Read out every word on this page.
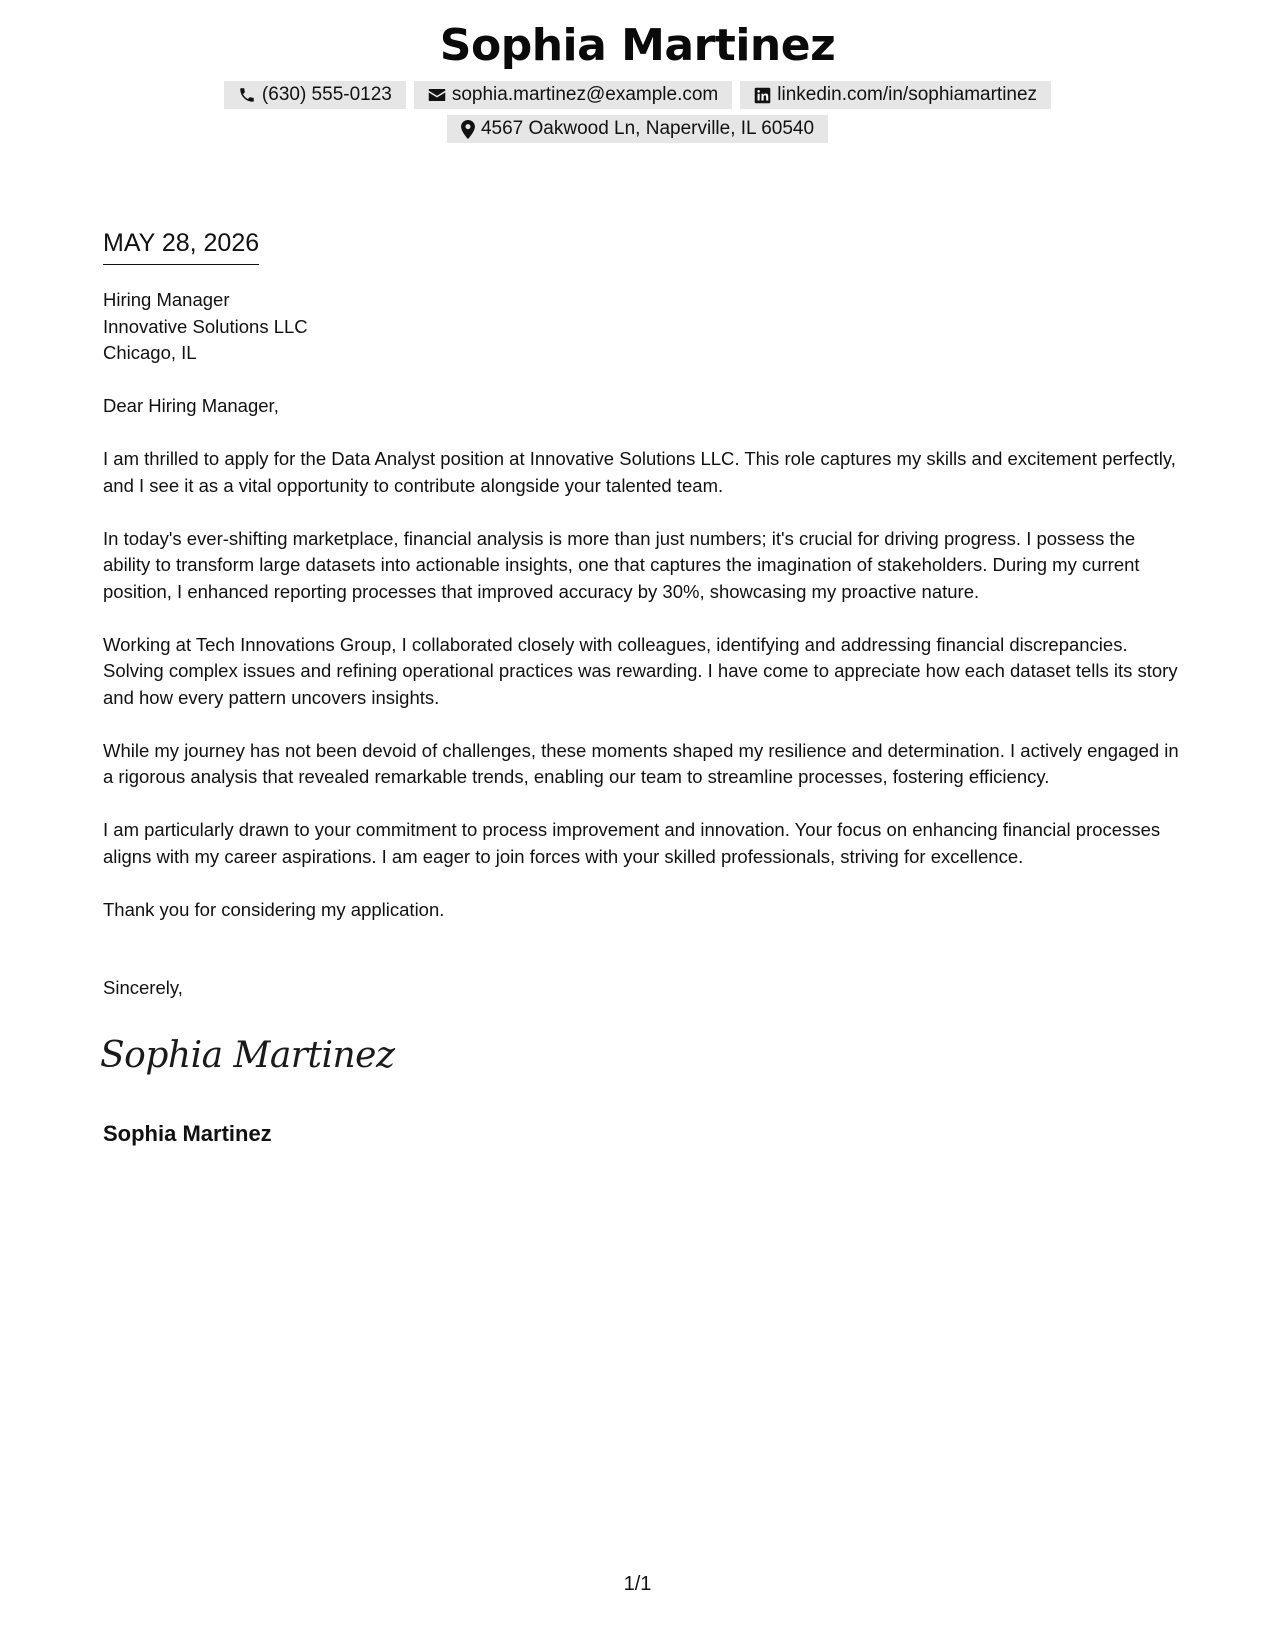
Sophia Martinez
(630) 555-0123	sophia.martinez@example.com	linkedin.com/in/sophiamartinez
4567 Oakwood Ln, Naperville, IL 60540
MAY 28, 2026
Hiring Manager
Innovative Solutions LLC
Chicago, IL

Dear Hiring Manager,

I am thrilled to apply for the Data Analyst position at Innovative Solutions LLC. This role captures my skills and excitement perfectly, and I see it as a vital opportunity to contribute alongside your talented team.

In today's ever-shifting marketplace, financial analysis is more than just numbers; it's crucial for driving progress. I possess the ability to transform large datasets into actionable insights, one that captures the imagination of stakeholders. During my current position, I enhanced reporting processes that improved accuracy by 30%, showcasing my proactive nature.

Working at Tech Innovations Group, I collaborated closely with colleagues, identifying and addressing financial discrepancies. Solving complex issues and refining operational practices was rewarding. I have come to appreciate how each dataset tells its story and how every pattern uncovers insights.

While my journey has not been devoid of challenges, these moments shaped my resilience and determination. I actively engaged in a rigorous analysis that revealed remarkable trends, enabling our team to streamline processes, fostering efficiency.

I am particularly drawn to your commitment to process improvement and innovation. Your focus on enhancing financial processes aligns with my career aspirations. I am eager to join forces with your skilled professionals, striving for excellence.

Thank you for considering my application.

Sincerely,
Sophia Martinez
Sophia Martinez
1/1
